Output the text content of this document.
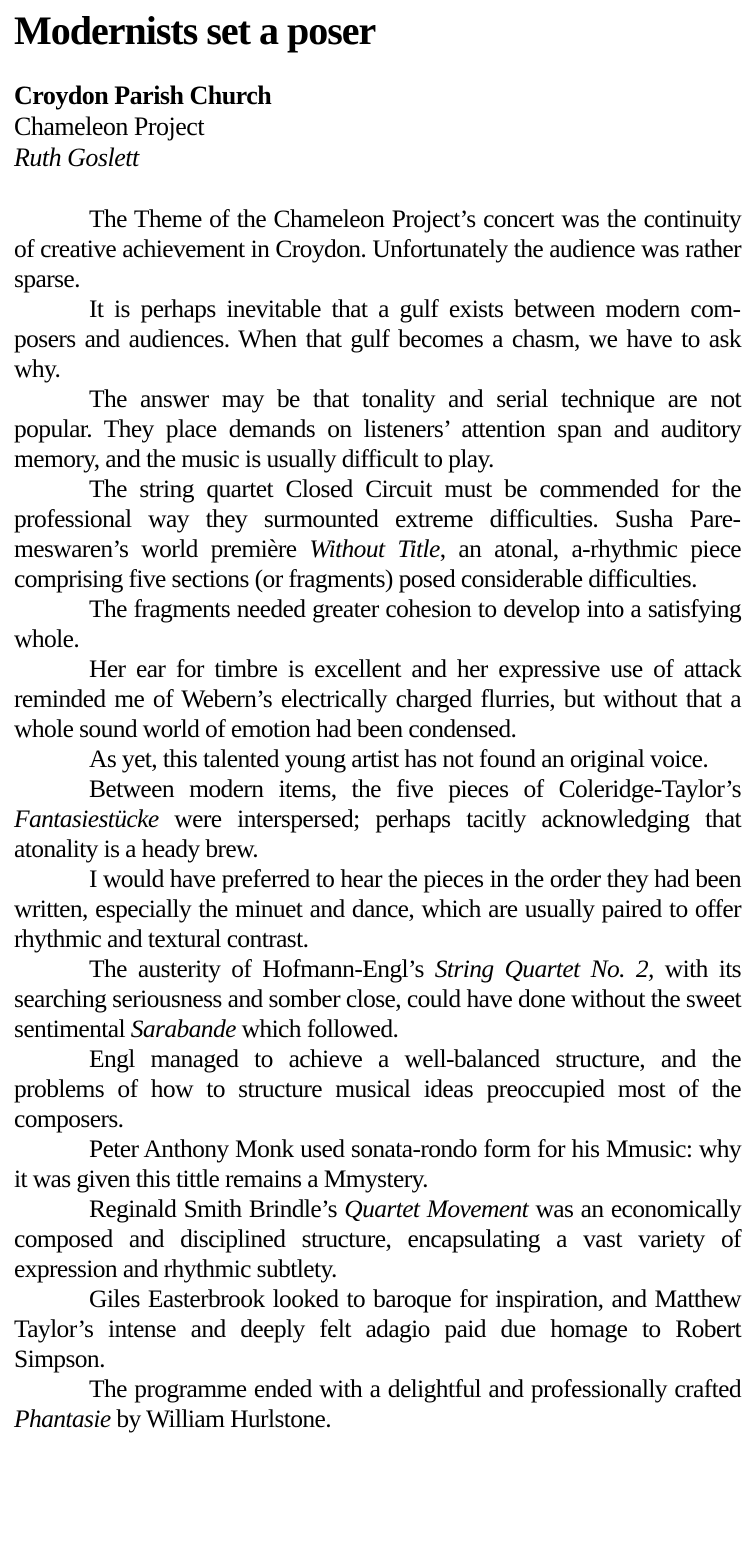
Modernists set a poser
Croydon Parish Church
Chameleon Project
Ruth Goslett

The Theme of the Chameleon Project’s concert was the continuity of creative achievement in Croydon. Unfortunately the audience was rather sparse.

It is perhaps inevitable that a gulf exists between modern composers and audiences. When that gulf becomes a chasm, we have to ask why.

The answer may be that tonality and serial technique are not popular. They place demands on listeners’ attention span and auditory memory, and the music is usually difficult to play.

The string quartet Closed Circuit must be commended for the professional way they surmounted extreme difficulties. Susha Paremeswaren’s world première Without Title, an atonal, a-rhythmic piece comprising five sections (or fragments) posed considerable difficulties.

The fragments needed greater cohesion to develop into a satisfying whole.

Her ear for timbre is excellent and her expressive use of attack reminded me of Webern’s electrically charged flurries, but without that a whole sound world of emotion had been condensed.

As yet, this talented young artist has not found an original voice.

Between modern items, the five pieces of Coleridge-Taylor’s Fantasiestücke were interspersed; perhaps tacitly acknowledging that atonality is a heady brew.

I would have preferred to hear the pieces in the order they had been written, especially the minuet and dance, which are usually paired to offer rhythmic and textural contrast.

The austerity of Hofmann-Engl’s String Quartet No. 2, with its searching seriousness and somber close, could have done without the sweet sentimental Sarabande which followed.

Engl managed to achieve a well-balanced structure, and the problems of how to structure musical ideas preoccupied most of the composers.

Peter Anthony Monk used sonata-rondo form for his Mmusic: why it was given this tittle remains a Mmystery.

Reginald Smith Brindle’s Quartet Movement was an economically composed and disciplined structure, encapsulating a vast variety of expression and rhythmic subtlety.

Giles Easterbrook looked to baroque for inspiration, and Matthew Taylor’s intense and deeply felt adagio paid due homage to Robert Simpson.

The programme ended with a delightful and professionally crafted Phantasie by William Hurlstone.
